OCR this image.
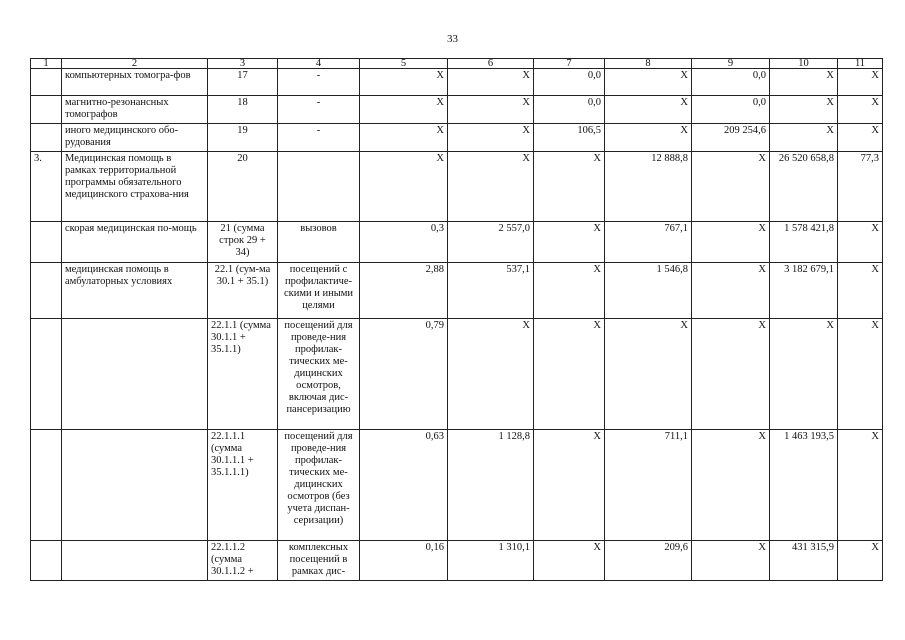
33
1	2	3	4	5	6	7	8	9	10	11
	компьютерных томогра-фов	17	-	X	X	0,0	X	0,0	X	X
	магнитно-резонансных томографов	18	-	X	X	0,0	X	0,0	X	X
	иного медицинского обо-рудования	19	-	X	X	106,5	X	209 254,6	X	X
3.	Медицинская помощь в рамках территориальной программы обязательного медицинского страхова-ния	20		X	X	X	12 888,8	X	26 520 658,8	77,3
	скорая медицинская по-мощь	21 (сумма строк 29 + 34)	вызовов	0,3	2 557,0	X	767,1	X	1 578 421,8	X
	медицинская помощь в амбулаторных условиях	22.1 (сум-ма 30.1 + 35.1)	посещений с профилактиче-скими и иными целями	2,88	537,1	X	1 546,8	X	3 182 679,1	X
		22.1.1 (сумма 30.1.1 + 35.1.1)	посещений для проведе-ния профилак-тических ме-дицинских осмотров, включая дис-пансеризацию	0,79	X	X	X	X	X	X
		22.1.1.1 (сумма 30.1.1.1 + 35.1.1.1)	посещений для проведе-ния профилак-тических ме-дицинских осмотров (без учета диспан-серизации)	0,63	1 128,8	X	711,1	X	1 463 193,5	X
		22.1.1.2 (сумма 30.1.1.2 +	комплексных посещений в рамках дис-	0,16	1 310,1	X	209,6	X	431 315,9	X
